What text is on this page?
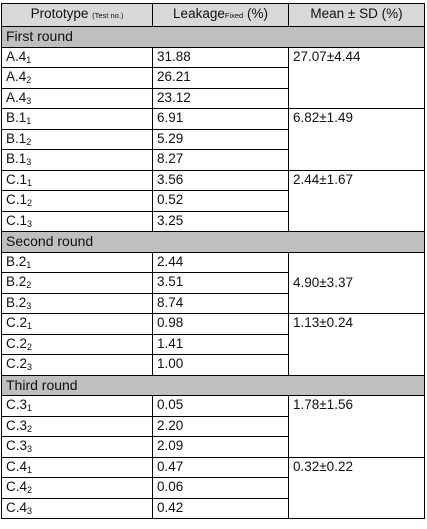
Prototype (Test no.)	LeakageFixed (%)	Mean ± SD (%)
First round		
$A.4_1$	31.88	27.07±4.44
$A.4_2$	26.21	
$A.4_3$	23.12	
$B.1_1$	6.91	6.82±1.49
$B.1_2$	5.29	
$B.1_3$	8.27	
$C.1_1$	3.56	2.44±1.67
$C.1_2$	0.52	
$C.1_3$	3.25	
Second round		
$B.2_1$	2.44	4.90±3.37
$B.2_2$	3.51	
$B.2_3$	8.74	
$C.2_1$	0.98	1.13±0.24
$C.2_2$	1.41	
$C.2_3$	1.00	
Third round		
$C.3_1$	0.05	1.78±1.56
$C.3_2$	2.20	
$C.3_3$	2.09	
$C.4_1$	0.47	0.32±0.22
$C.4_2$	0.06	
$C.4_3$	0.42	
